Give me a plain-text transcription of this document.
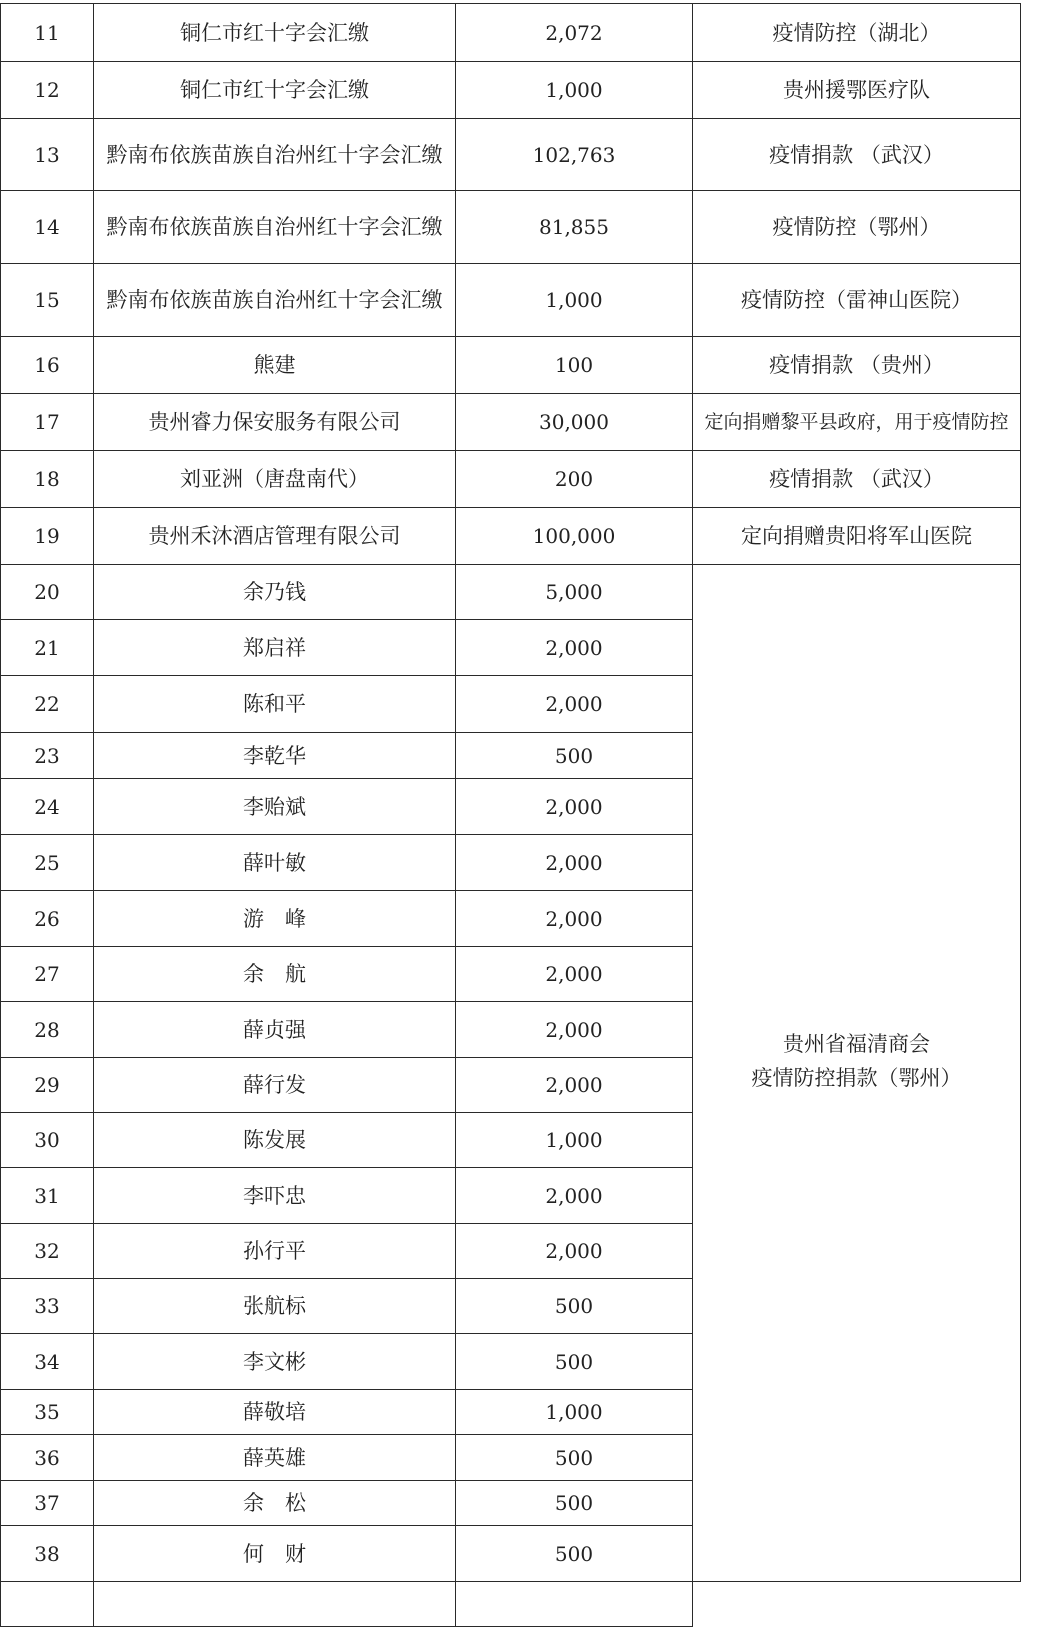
11	铜仁市红十字会汇缴	2,072	疫情防控（湖北）
12	铜仁市红十字会汇缴	1,000	贵州援鄂医疗队
13	黔南布依族苗族自治州红十字会汇缴	102,763	疫情捐款 （武汉）
14	黔南布依族苗族自治州红十字会汇缴	81,855	疫情防控（鄂州）
15	黔南布依族苗族自治州红十字会汇缴	1,000	疫情防控（雷神山医院）
16	熊建	100	疫情捐款 （贵州）
17	贵州睿力保安服务有限公司	30,000	定向捐赠黎平县政府，用于疫情防控
18	刘亚洲（唐盘南代）	200	疫情捐款 （武汉）
19	贵州禾沐酒店管理有限公司	100,000	定向捐赠贵阳将军山医院
20	余乃钱	5,000	贵州省福清商会
疫情防控捐款（鄂州）

21	郑启祥	2,000	
22	陈和平	2,000	
23	李乾华	500	
24	李贻斌	2,000	
25	薛叶敏	2,000	
26	游　峰	2,000	
27	余　航	2,000	
28	薛贞强	2,000	
29	薛行发	2,000	
30	陈发展	1,000	
31	李吓忠	2,000	
32	孙行平	2,000	
33	张航标	500	
34	李文彬	500	
35	薛敬培	1,000	
36	薛英雄	500	
37	余　松	500	
38	何　财	500	
